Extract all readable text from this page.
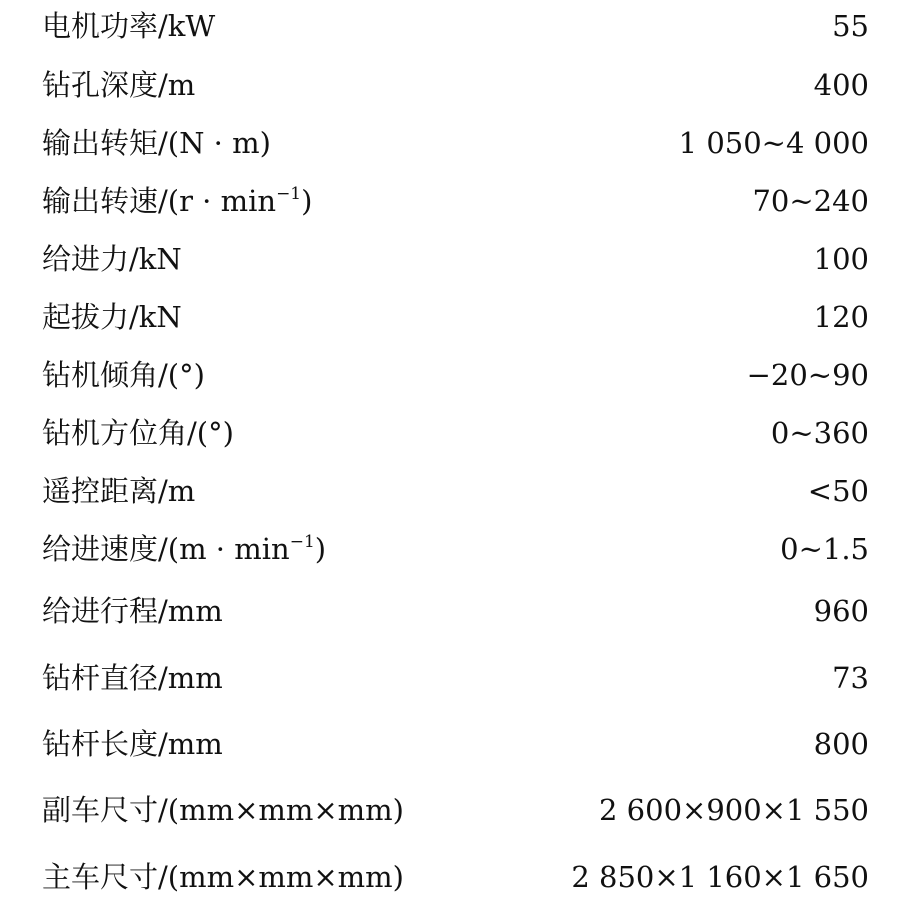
电机功率/kW	55
钻孔深度/m	400
输出转矩/(N · m)	1 050~4 000
输出转速$/(r \cdot \min^{-1})$	70~240
给进力/kN	100
起拔力/kN	120
钻机倾角/(°)	−20~90
钻机方位角/(°)	0~360
遥控距离/m	<50
给进速度$/(m \cdot \min^{-1})$	0~1.5
给进行程/mm	960
钻杆直径/mm	73
钻杆长度/mm	800
副车尺寸/(mm×mm×mm)	2 600×900×1 550
主车尺寸/(mm×mm×mm)	2 850×1 160×1 650
